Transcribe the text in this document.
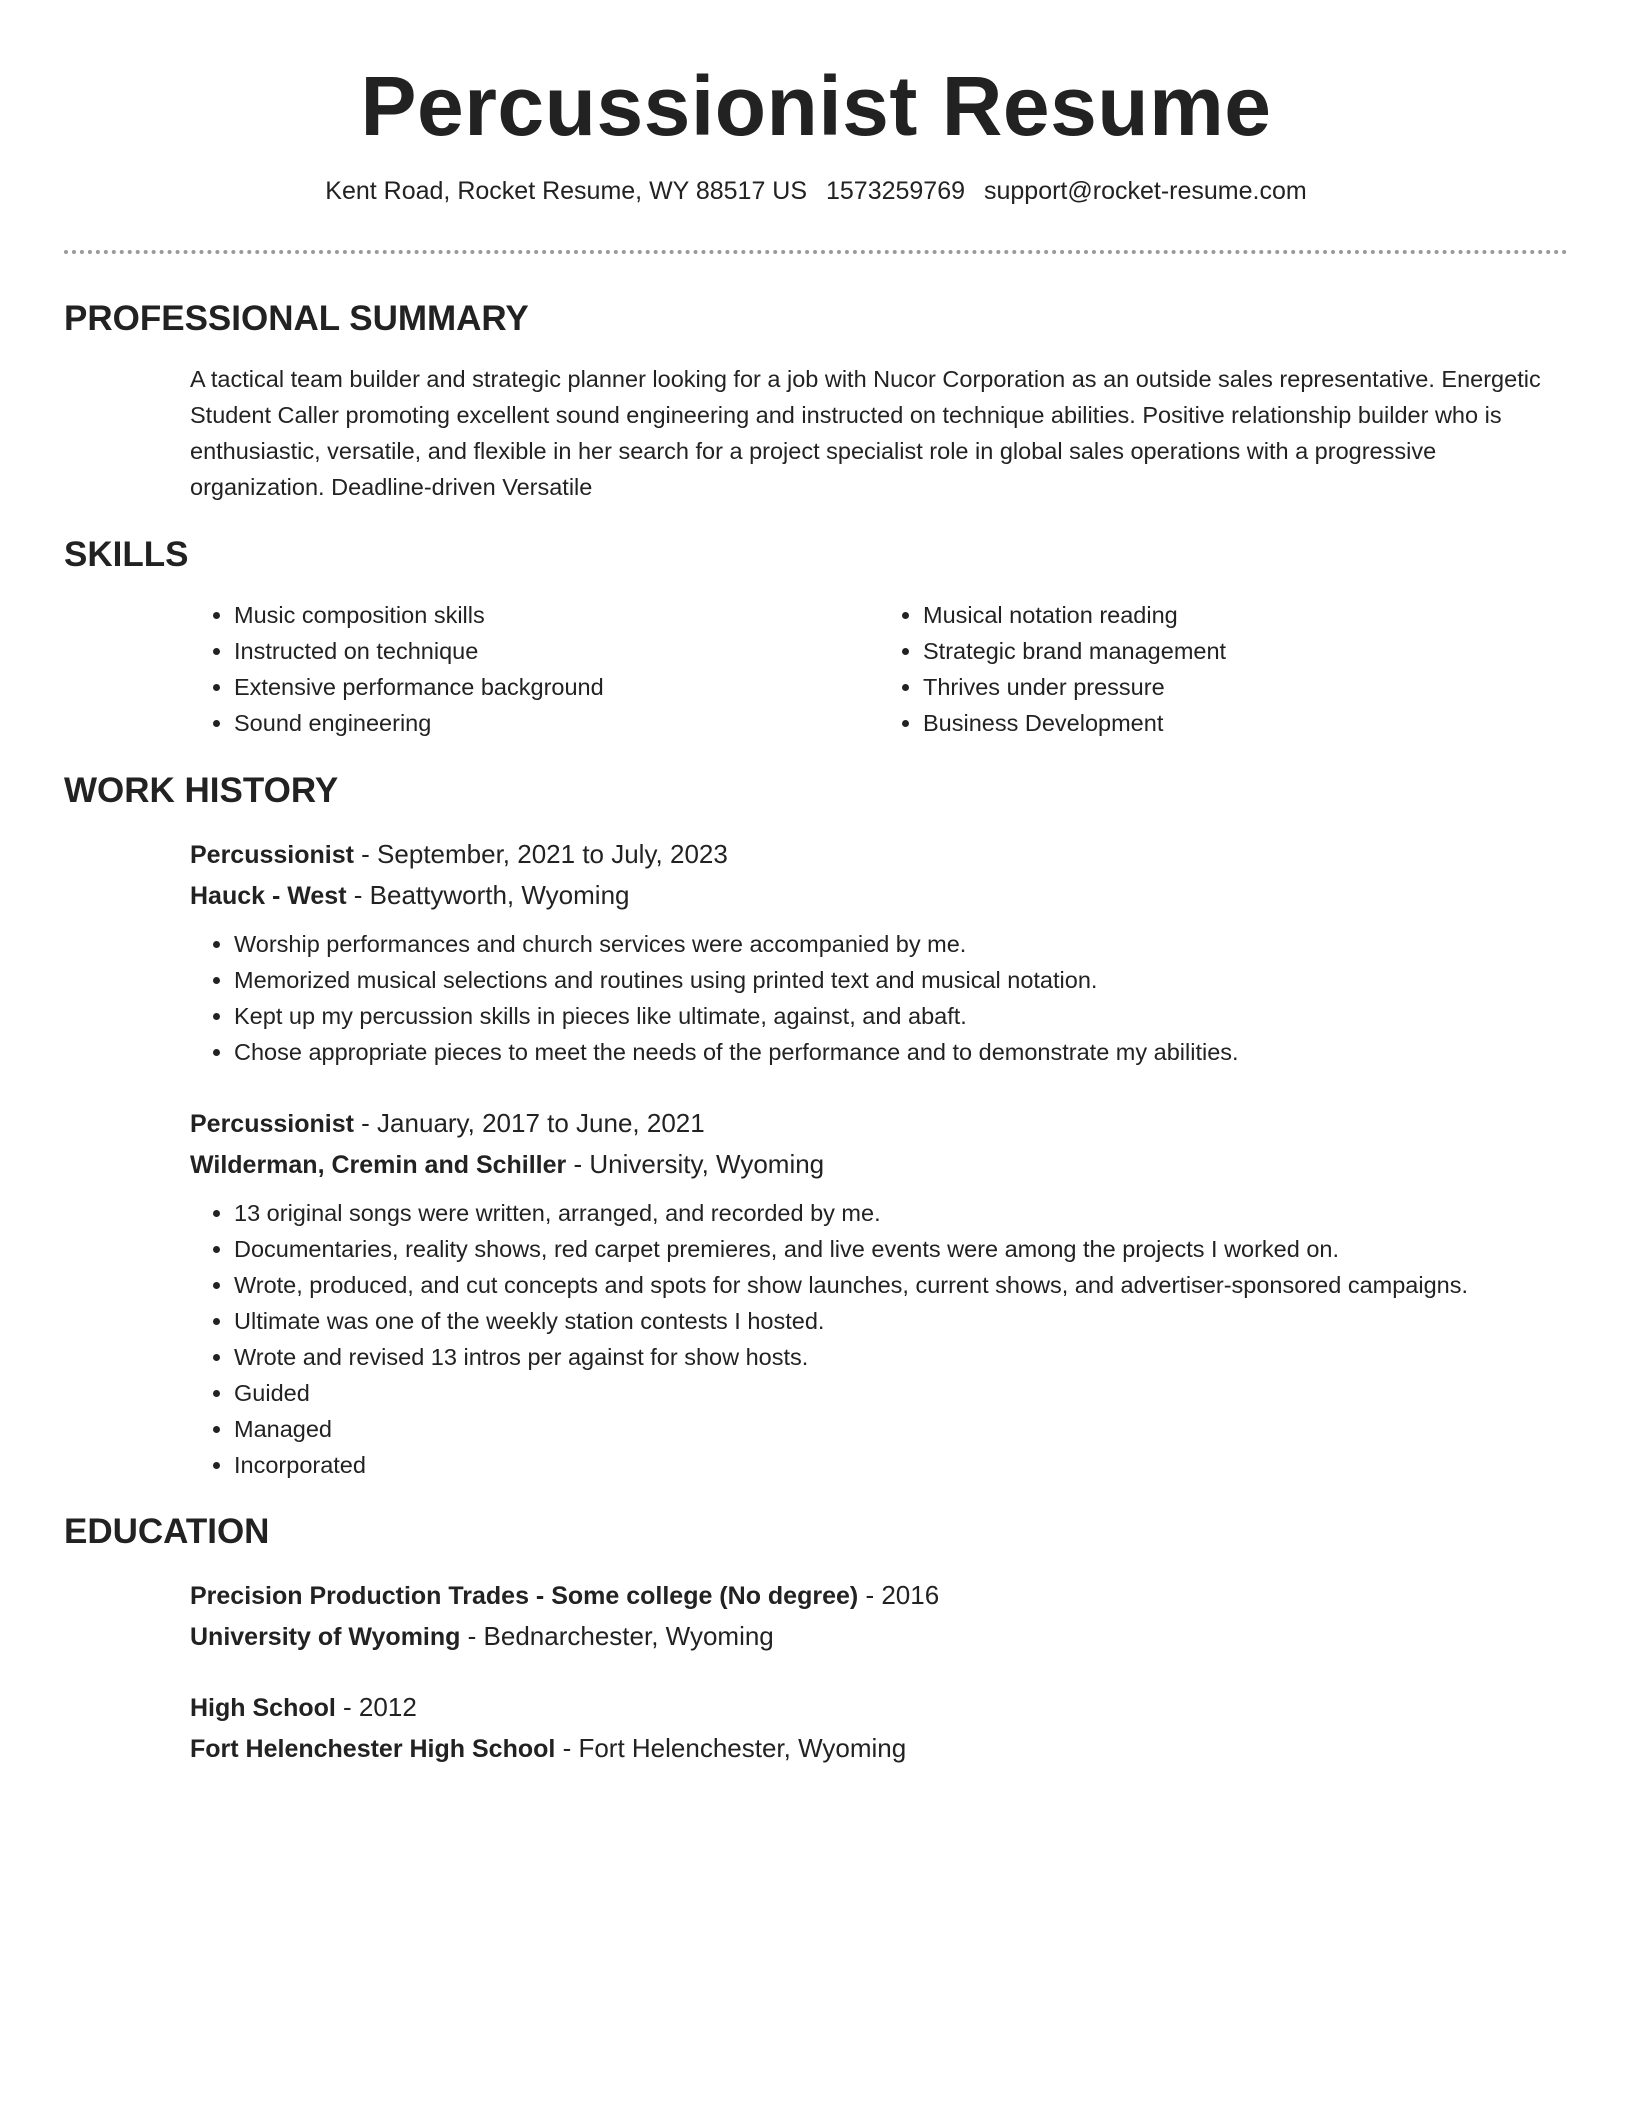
Percussionist Resume
Kent Road, Rocket Resume, WY 88517 US 1573259769 support@rocket-resume.com
PROFESSIONAL SUMMARY
A tactical team builder and strategic planner looking for a job with Nucor Corporation as an outside sales representative. Energetic Student Caller promoting excellent sound engineering and instructed on technique abilities. Positive relationship builder who is enthusiastic, versatile, and flexible in her search for a project specialist role in global sales operations with a progressive organization. Deadline-driven Versatile
SKILLS
• Music composition skills
• Instructed on technique
• Extensive performance background
• Sound engineering
• Musical notation reading
• Strategic brand management
• Thrives under pressure
• Business Development
WORK HISTORY
Percussionist - September, 2021 to July, 2023
Hauck - West - Beattyworth, Wyoming
• Worship performances and church services were accompanied by me.
• Memorized musical selections and routines using printed text and musical notation.
• Kept up my percussion skills in pieces like ultimate, against, and abaft.
• Chose appropriate pieces to meet the needs of the performance and to demonstrate my abilities.
Percussionist - January, 2017 to June, 2021
Wilderman, Cremin and Schiller - University, Wyoming
• 13 original songs were written, arranged, and recorded by me.
• Documentaries, reality shows, red carpet premieres, and live events were among the projects I worked on.
• Wrote, produced, and cut concepts and spots for show launches, current shows, and advertiser-sponsored campaigns.
• Ultimate was one of the weekly station contests I hosted.
• Wrote and revised 13 intros per against for show hosts.
• Guided
• Managed
• Incorporated
EDUCATION
Precision Production Trades - Some college (No degree) - 2016
University of Wyoming - Bednarchester, Wyoming
High School - 2012
Fort Helenchester High School - Fort Helenchester, Wyoming
